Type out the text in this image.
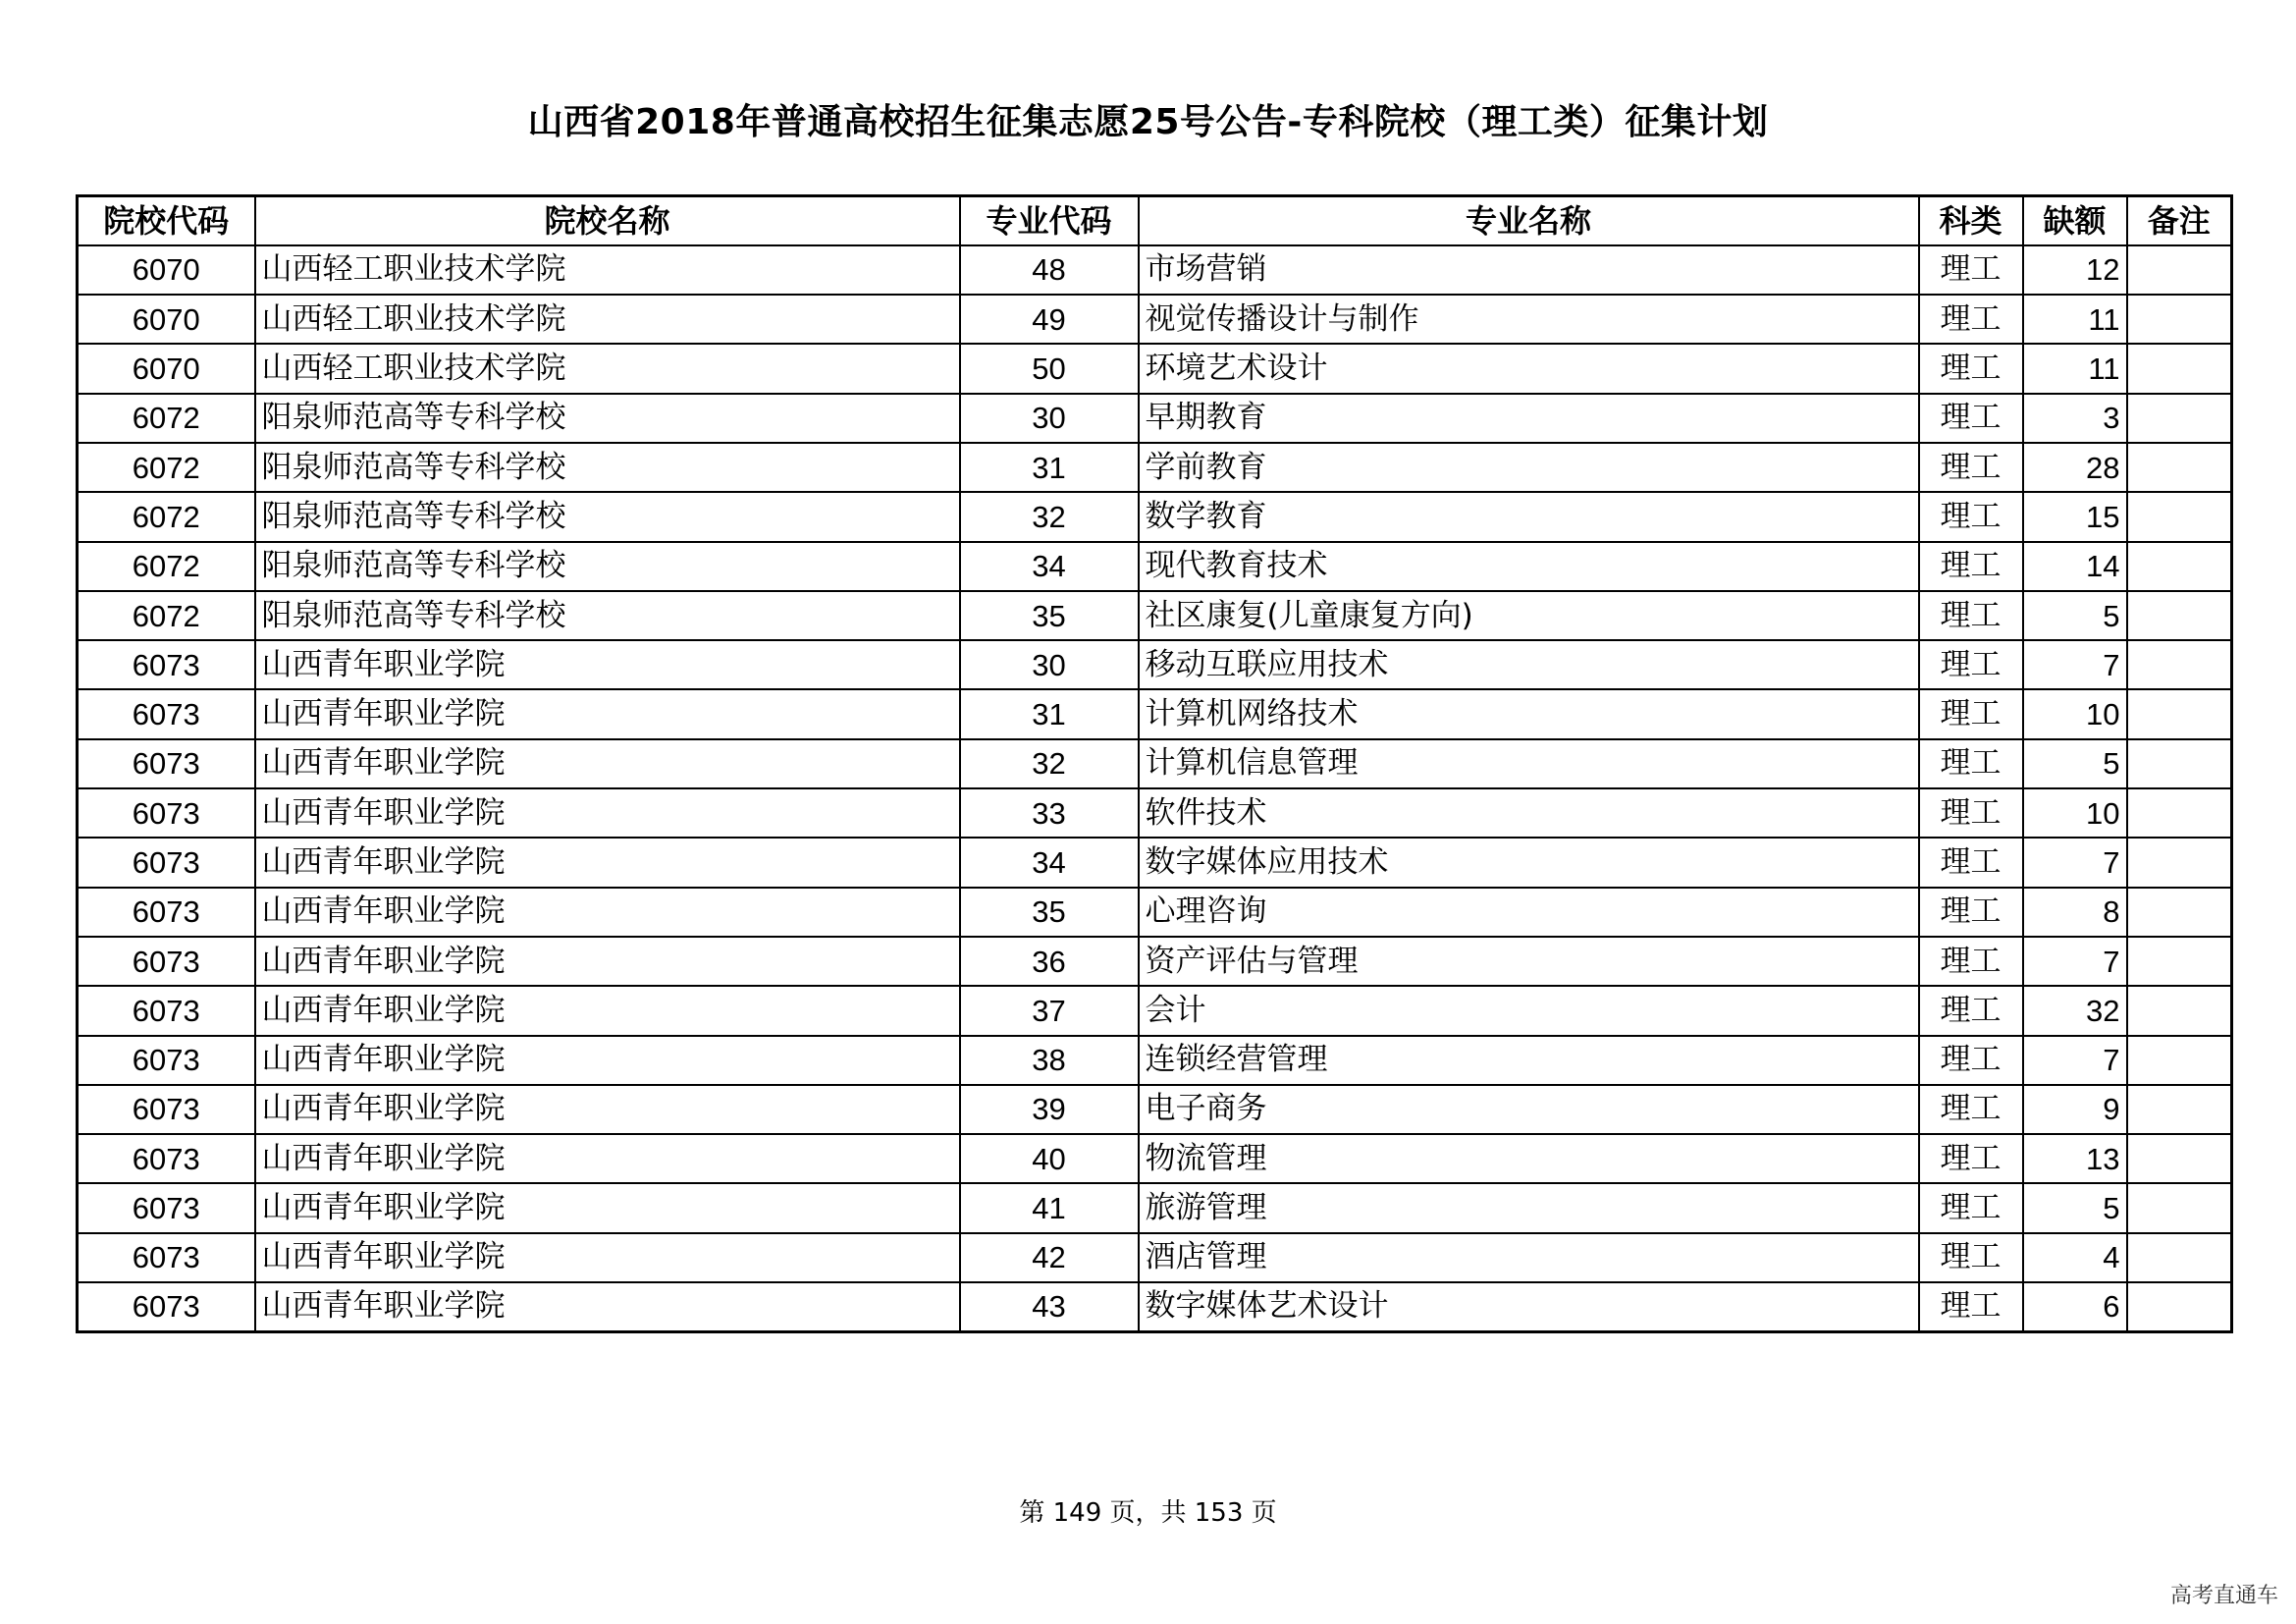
山西省2018年普通高校招生征集志愿25号公告-专科院校（理工类）征集计划
院校代码	院校名称	专业代码	专业名称	科类	缺额	备注
6070	山西轻工职业技术学院	48	市场营销	理工	12	
6070	山西轻工职业技术学院	49	视觉传播设计与制作	理工	11	
6070	山西轻工职业技术学院	50	环境艺术设计	理工	11	
6072	阳泉师范高等专科学校	30	早期教育	理工	3	
6072	阳泉师范高等专科学校	31	学前教育	理工	28	
6072	阳泉师范高等专科学校	32	数学教育	理工	15	
6072	阳泉师范高等专科学校	34	现代教育技术	理工	14	
6072	阳泉师范高等专科学校	35	社区康复(儿童康复方向)	理工	5	
6073	山西青年职业学院	30	移动互联应用技术	理工	7	
6073	山西青年职业学院	31	计算机网络技术	理工	10	
6073	山西青年职业学院	32	计算机信息管理	理工	5	
6073	山西青年职业学院	33	软件技术	理工	10	
6073	山西青年职业学院	34	数字媒体应用技术	理工	7	
6073	山西青年职业学院	35	心理咨询	理工	8	
6073	山西青年职业学院	36	资产评估与管理	理工	7	
6073	山西青年职业学院	37	会计	理工	32	
6073	山西青年职业学院	38	连锁经营管理	理工	7	
6073	山西青年职业学院	39	电子商务	理工	9	
6073	山西青年职业学院	40	物流管理	理工	13	
6073	山西青年职业学院	41	旅游管理	理工	5	
6073	山西青年职业学院	42	酒店管理	理工	4	
6073	山西青年职业学院	43	数字媒体艺术设计	理工	6	
第 149 页，共 153 页
高考直通车
